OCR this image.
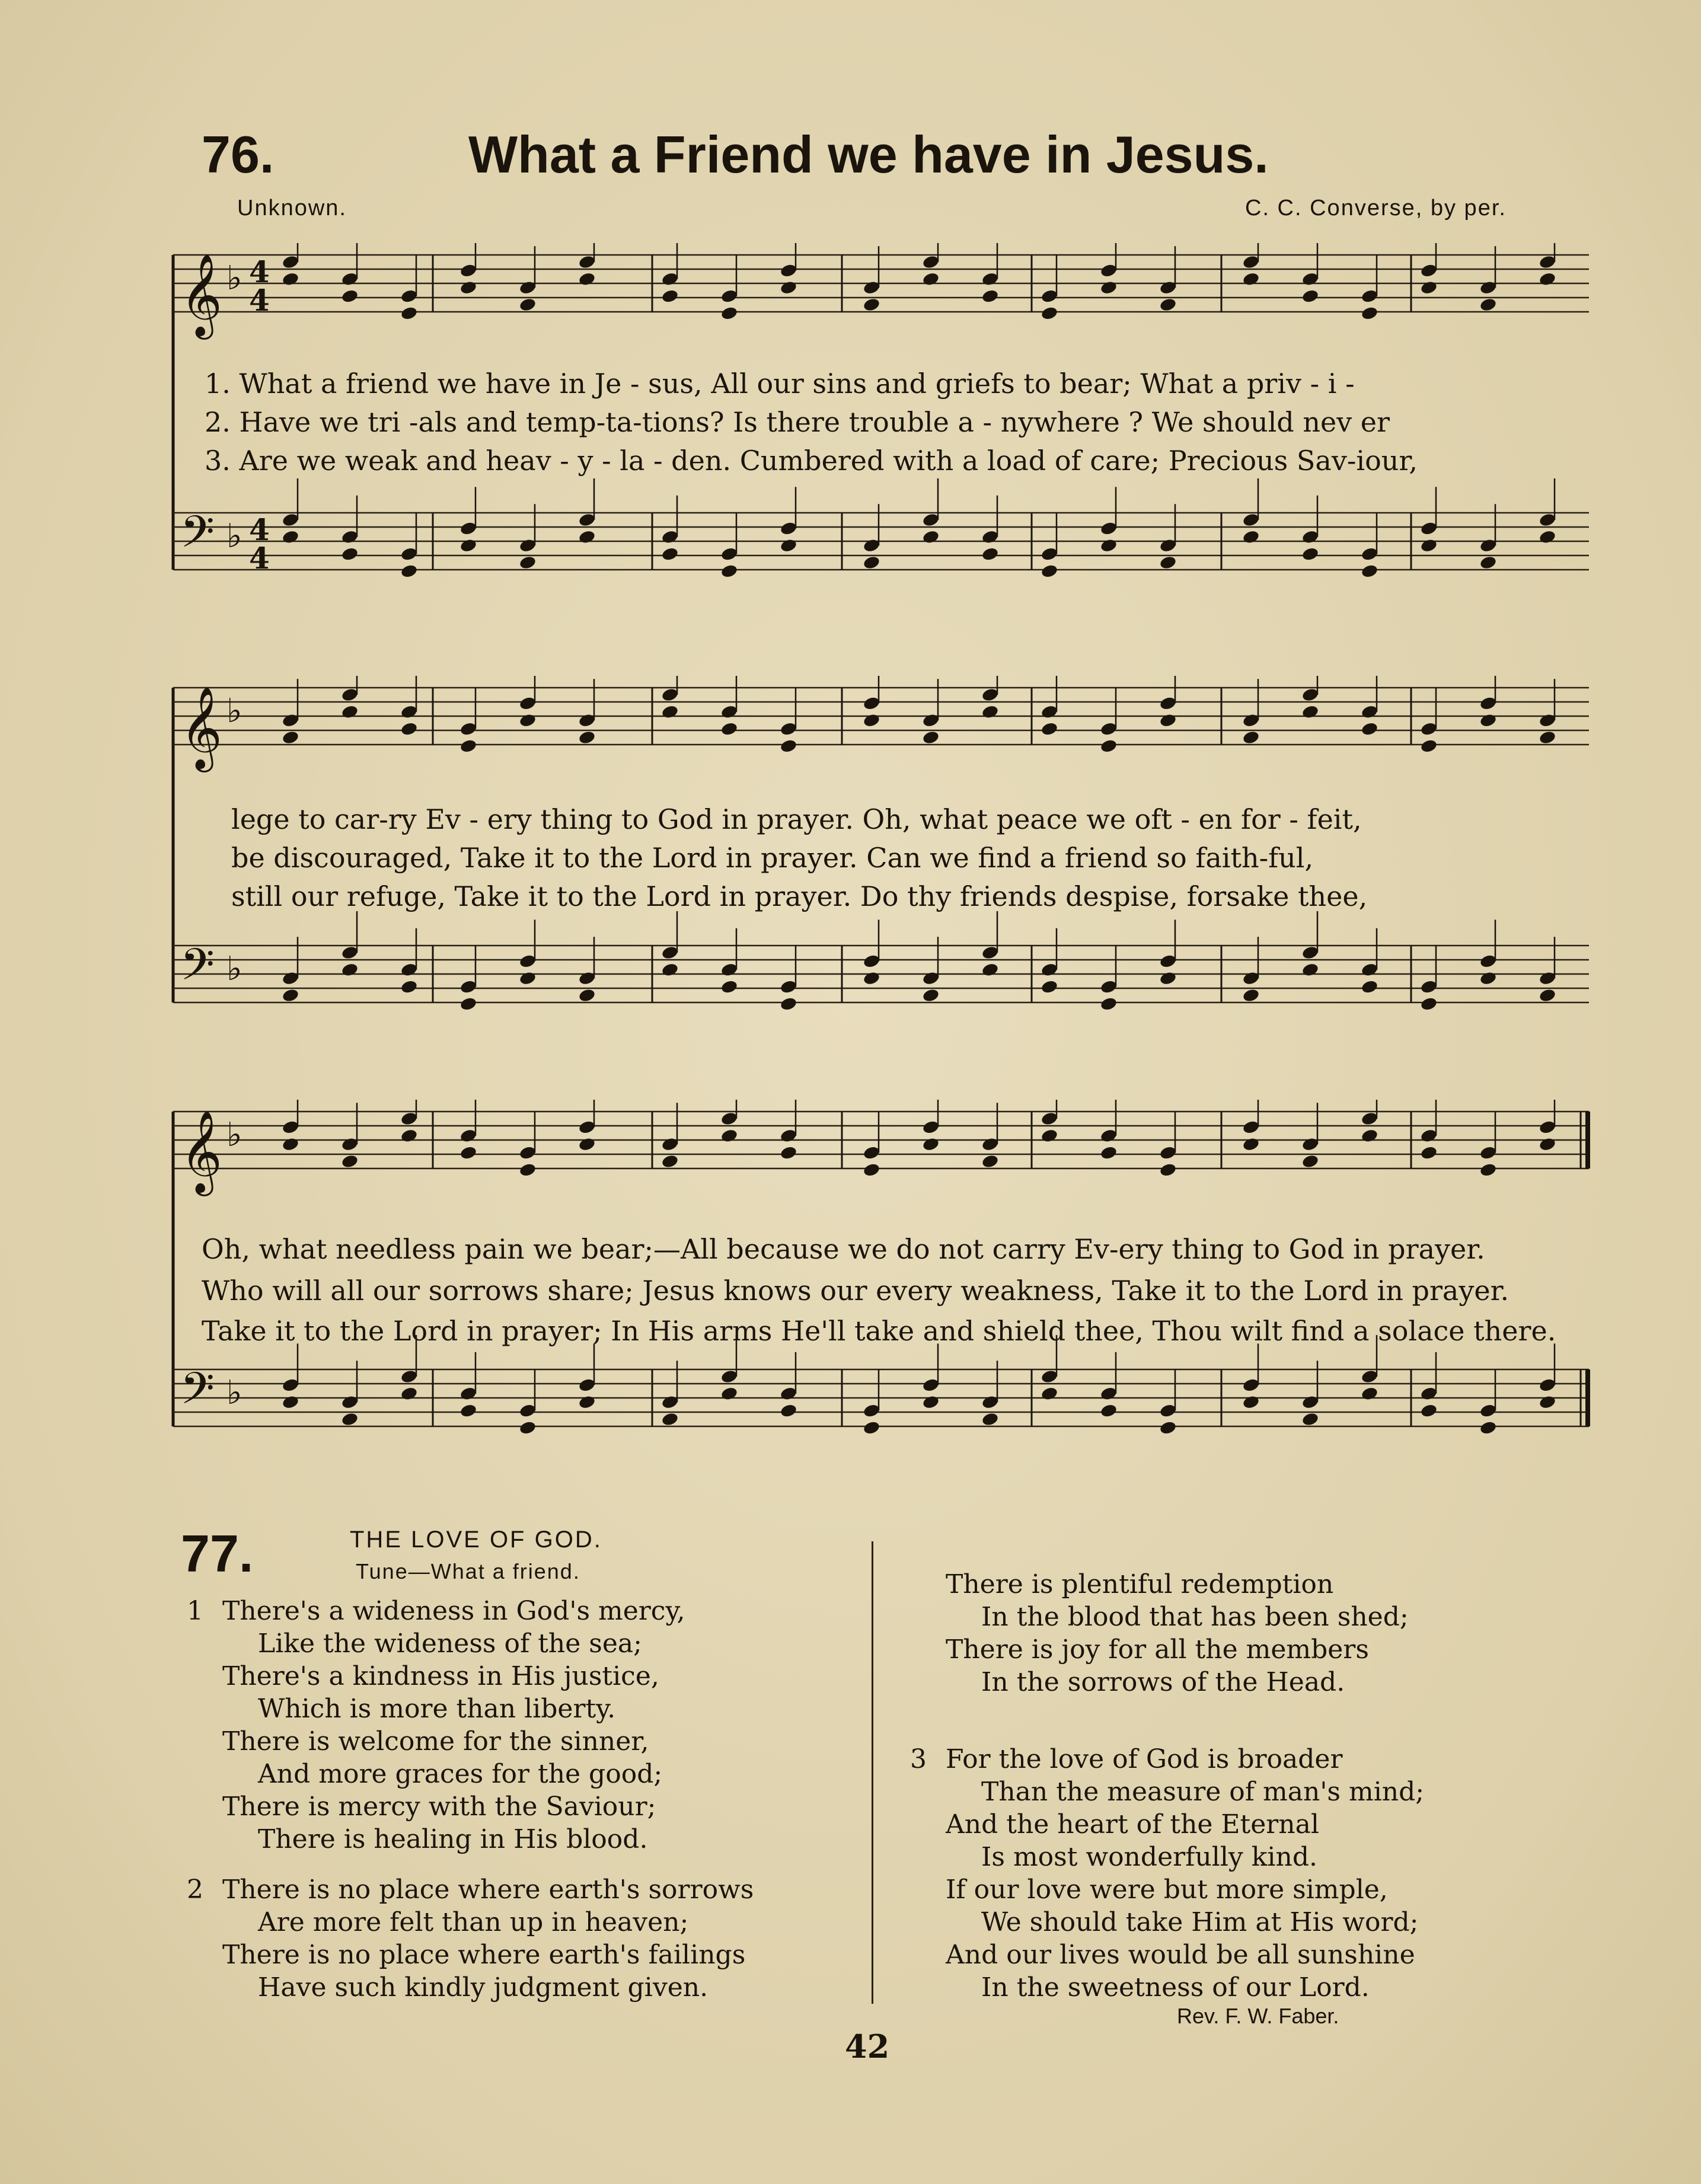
76.	What a Friend we have in Jesus.
Unknown.	C. C. Converse, by per.
𝄞 ♭ 4
4
𝄢 ♭ 4
4
1. What a friend we have in Je - sus, All our sins and griefs to bear; What a priv - i -
2. Have we tri -als and temp-ta-tions? Is there trouble a - nywhere ? We should nev er
3. Are we weak and heav - y - la - den. Cumbered with a load of care; Precious Sav-iour,
𝄞 ♭
𝄢 ♭
lege to car-ry Ev - ery thing to God in prayer. Oh, what peace we oft - en for - feit,
be discouraged, Take it to the Lord in prayer. Can we find a friend so faith-ful,
still our refuge, Take it to the Lord in prayer. Do thy friends despise, forsake thee,
𝄞 ♭
𝄢 ♭
Oh, what needless pain we bear;—All because we do not carry Ev-ery thing to God in prayer.
Who will all our sorrows share; Jesus knows our every weakness, Take it to the Lord in prayer.
Take it to the Lord in prayer; In His arms He'll take and shield thee, Thou wilt find a solace there.
77.	THE LOVE OF GOD.
Tune—What a friend.
1 There's a wideness in God's mercy,
Like the wideness of the sea;
There's a kindness in His justice,
Which is more than liberty.
There is welcome for the sinner,
And more graces for the good;
There is mercy with the Saviour;
There is healing in His blood.
2 There is no place where earth's sorrows
Are more felt than up in heaven;
There is no place where earth's failings
Have such kindly judgment given.
There is plentiful redemption
In the blood that has been shed;
There is joy for all the members
In the sorrows of the Head.
3 For the love of God is broader
Than the measure of man's mind;
And the heart of the Eternal
Is most wonderfully kind.
If our love were but more simple,
We should take Him at His word;
And our lives would be all sunshine
In the sweetness of our Lord.
Rev. F. W. Faber.
42
